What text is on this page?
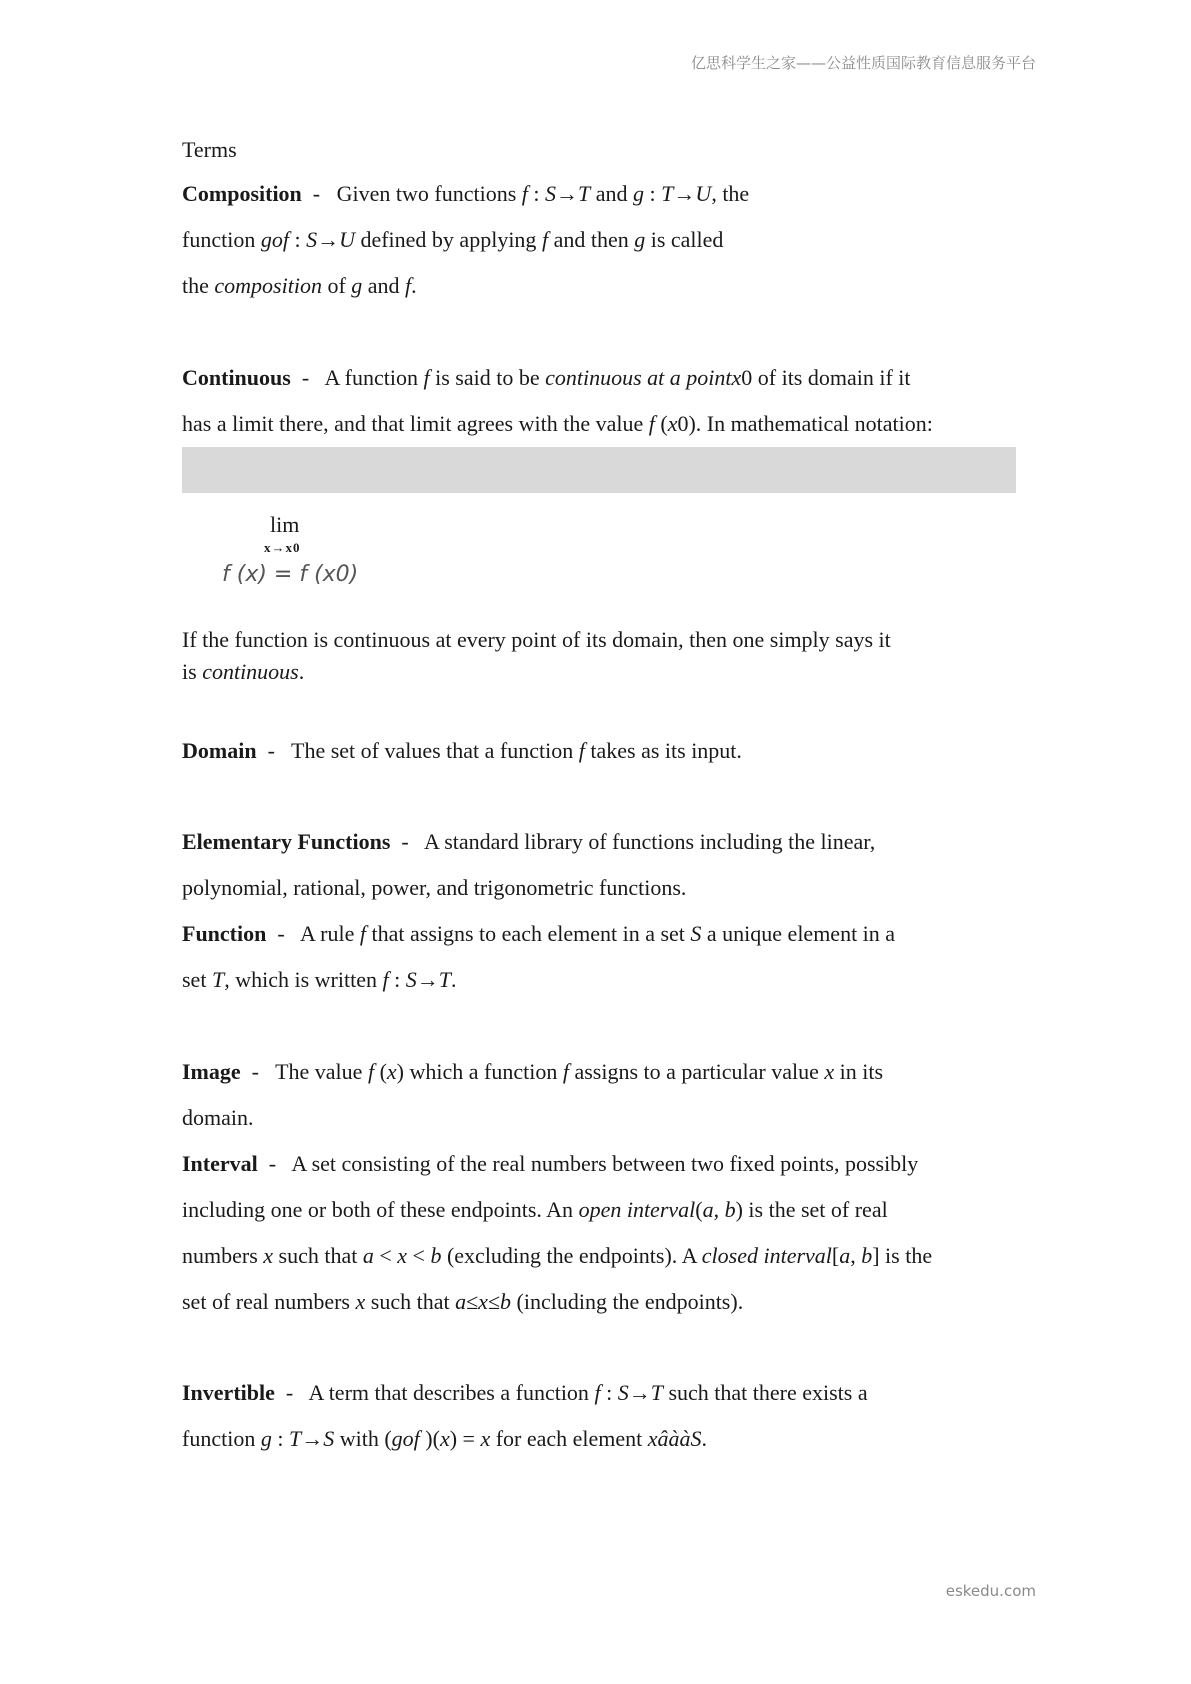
亿思科学生之家——公益性质国际教育信息服务平台
Terms
Composition  -   Given two functions f : S→T and g : T→U, the
function gof : S→U defined by applying f and then g is called
the composition of g and f.
Continuous  -   A function f is said to be continuous at a pointx0 of its domain if it
has a limit there, and that limit agrees with the value f (x0). In mathematical notation:
lim
x→x0
f (x) = f (x0)
If the function is continuous at every point of its domain, then one simply says it
is continuous.
Domain  -   The set of values that a function f takes as its input.
Elementary Functions  -   A standard library of functions including the linear,
polynomial, rational, power, and trigonometric functions.
Function  -   A rule f that assigns to each element in a set S a unique element in a
set T, which is written f : S→T.
Image  -   The value f (x) which a function f assigns to a particular value x in its
domain.
Interval  -   A set consisting of the real numbers between two fixed points, possibly
including one or both of these endpoints. An open interval(a, b) is the set of real
numbers x such that a < x < b (excluding the endpoints). A closed interval[a, b] is the
set of real numbers x such that a≤x≤b (including the endpoints).
Invertible  -   A term that describes a function f : S→T such that there exists a
function g : T→S with (gof )(x) = x for each element xâààS.
eskedu.com
